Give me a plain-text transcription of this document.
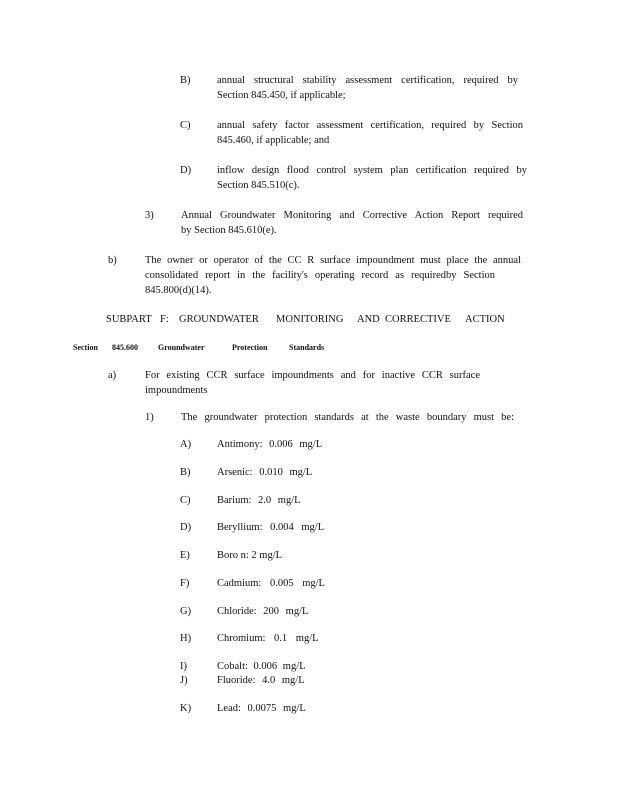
B)	annual structural stability assessment certification, required by
Section 845.450, if applicable;
C)	annual safety factor assessment certification, required by Section
845.460, if applicable; and
D) inflow design flood control system plan certification required by
Section 845.510(c).
3)	Annual Groundwater Monitoring and Corrective Action Report required
by Section 845.610(e).
b)	The owner or operator of the CC R surface impoundment must place the annual
consolidated report in the facility's operating record as requiredby Section
845.800(d)(14).
SUBPART F: GROUNDWATER MONITORING AND CORRECTIVE ACTION
Section 845.600	Groundwater	Protection	Standards
a)	For existing CCR surface impoundments and for inactive CCR surface
impoundments
1)	The groundwater protection standards at the waste boundary must be:
A) Antimony: 0.006 mg/L
B)	Arsenic: 0.010 mg/L
C)	Barium: 2.0 mg/L
D) Beryllium: 0.004 mg/L
E)	Boro n: 2 mg/L
F)	Cadmium: 0.005 mg/L
G) Chloride: 200 mg/L
H) Chromium: 0.1 mg/L
I)	Cobalt: 0.006 mg/L
J)	Fluoride: 4.0 mg/L
K) Lead: 0.0075 mg/L
